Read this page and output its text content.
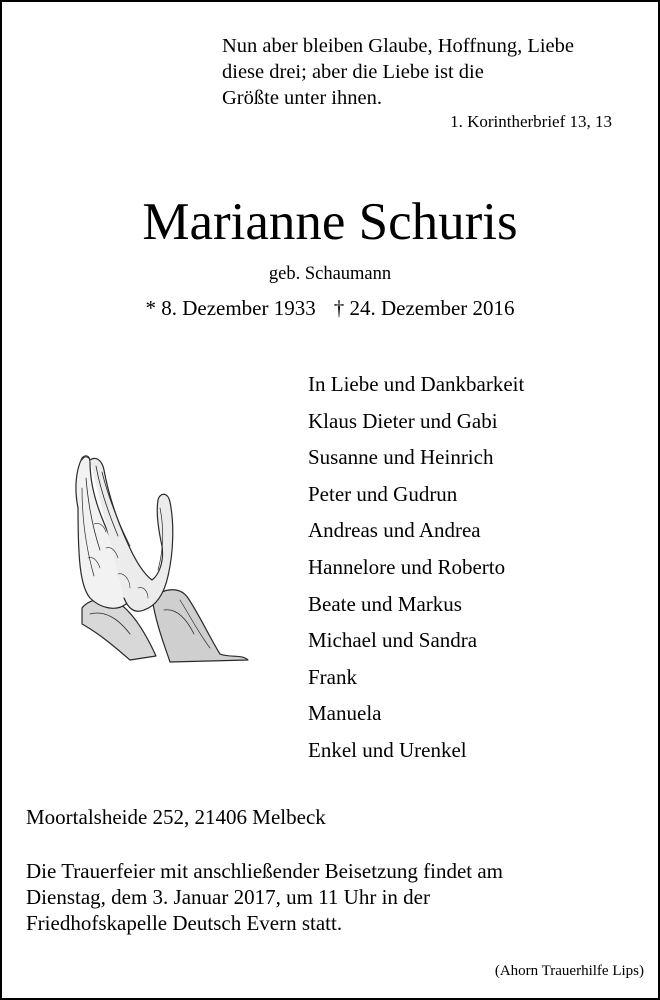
Nun aber bleiben Glaube, Hoffnung, Liebe
diese drei; aber die Liebe ist die
Größte unter ihnen.
1. Korintherbrief 13, 13
Marianne Schuris
geb. Schaumann
* 8. Dezember 1933 † 24. Dezember 2016
In Liebe und Dankbarkeit
Klaus Dieter und Gabi
Susanne und Heinrich
Peter und Gudrun
Andreas und Andrea
Hannelore und Roberto
Beate und Markus
Michael und Sandra
Frank
Manuela
Enkel und Urenkel
Moortalsheide 252, 21406 Melbeck
Die Trauerfeier mit anschließender Beisetzung findet am
Dienstag, dem 3. Januar 2017, um 11 Uhr in der
Friedhofskapelle Deutsch Evern statt.
(Ahorn Trauerhilfe Lips)
